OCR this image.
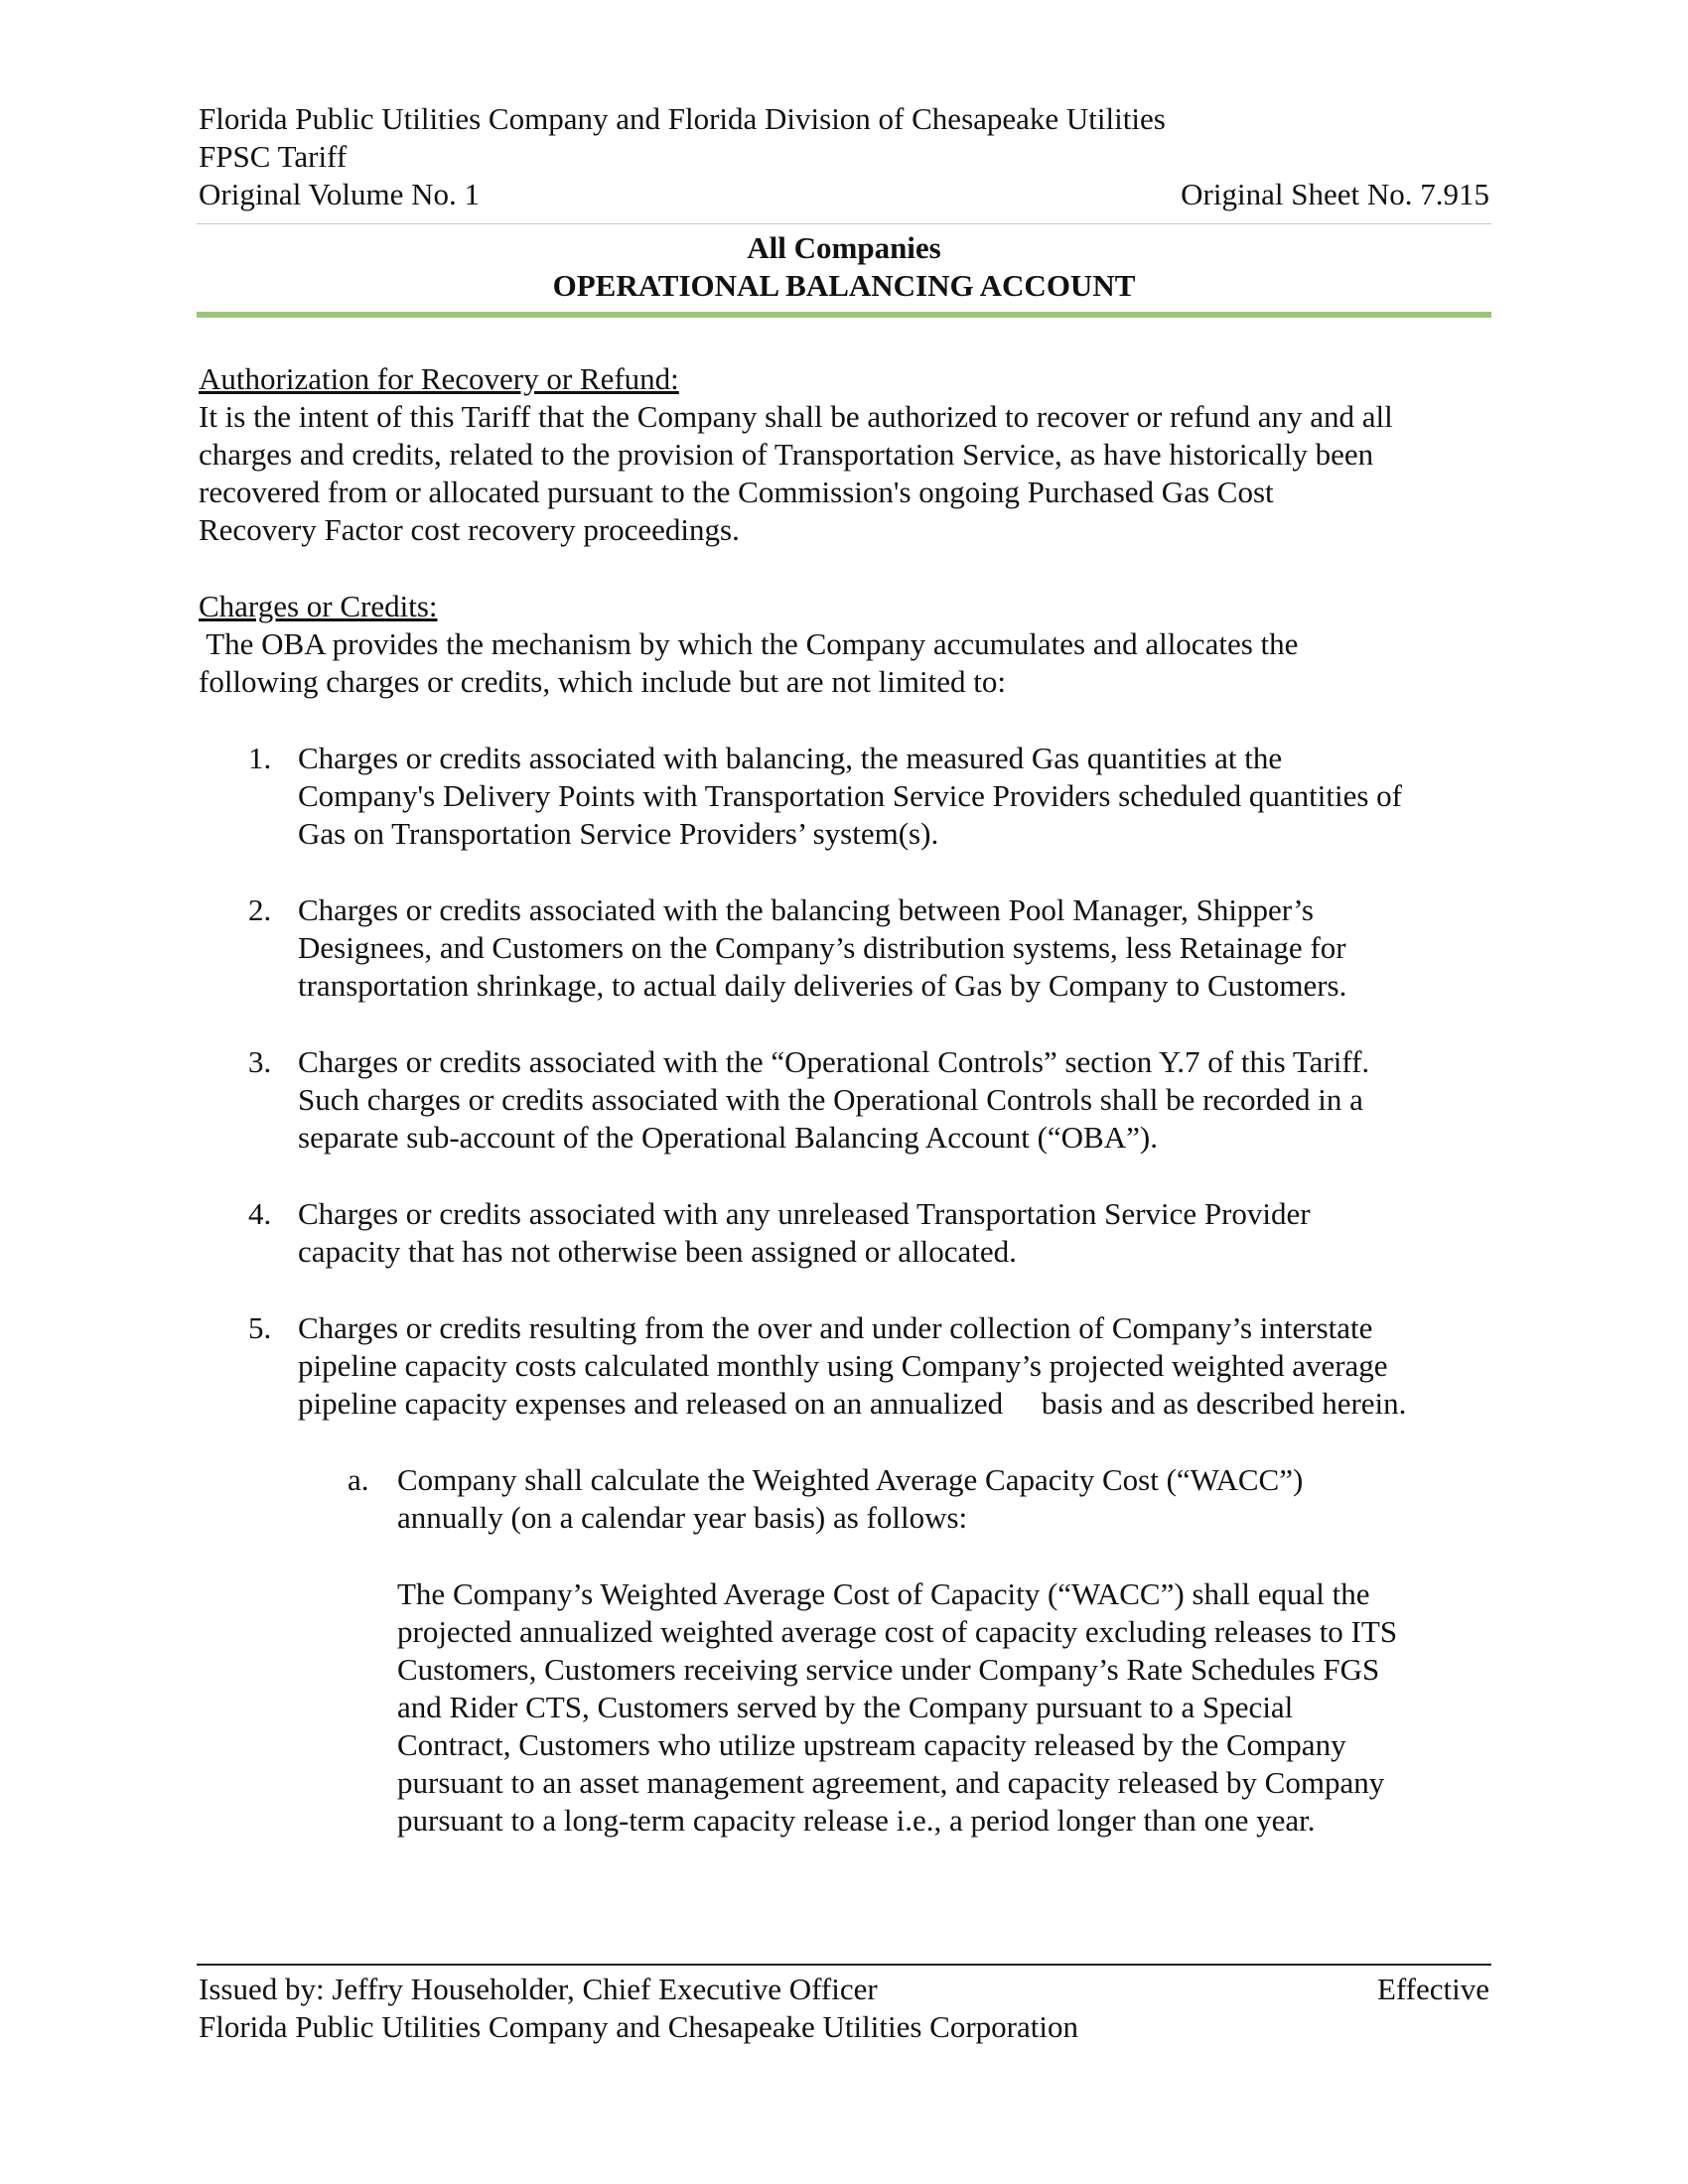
Florida Public Utilities Company and Florida Division of Chesapeake Utilities
FPSC Tariff
Original Volume No. 1	Original Sheet No. 7.915
All Companies
OPERATIONAL BALANCING ACCOUNT
Authorization for Recovery or Refund:
It is the intent of this Tariff that the Company shall be authorized to recover or refund any and all
charges and credits, related to the provision of Transportation Service, as have historically been
recovered from or allocated pursuant to the Commission's ongoing Purchased Gas Cost
Recovery Factor cost recovery proceedings.
Charges or Credits:
The OBA provides the mechanism by which the Company accumulates and allocates the
following charges or credits, which include but are not limited to:
1. Charges or credits associated with balancing, the measured Gas quantities at the
Company's Delivery Points with Transportation Service Providers scheduled quantities of
Gas on Transportation Service Providers’ system(s).
2. Charges or credits associated with the balancing between Pool Manager, Shipper’s
Designees, and Customers on the Company’s distribution systems, less Retainage for
transportation shrinkage, to actual daily deliveries of Gas by Company to Customers.
3. Charges or credits associated with the “Operational Controls” section Y.7 of this Tariff.
Such charges or credits associated with the Operational Controls shall be recorded in a
separate sub-account of the Operational Balancing Account (“OBA”).
4. Charges or credits associated with any unreleased Transportation Service Provider
capacity that has not otherwise been assigned or allocated.
5. Charges or credits resulting from the over and under collection of Company’s interstate
pipeline capacity costs calculated monthly using Company’s projected weighted average
pipeline capacity expenses and released on an annualized     basis and as described herein.
a. Company shall calculate the Weighted Average Capacity Cost (“WACC”)
annually (on a calendar year basis) as follows:
The Company’s Weighted Average Cost of Capacity (“WACC”) shall equal the
projected annualized weighted average cost of capacity excluding releases to ITS
Customers, Customers receiving service under Company’s Rate Schedules FGS
and Rider CTS, Customers served by the Company pursuant to a Special
Contract, Customers who utilize upstream capacity released by the Company
pursuant to an asset management agreement, and capacity released by Company
pursuant to a long-term capacity release i.e., a period longer than one year.
Issued by: Jeffry Householder, Chief Executive Officer	Effective
Florida Public Utilities Company and Chesapeake Utilities Corporation
